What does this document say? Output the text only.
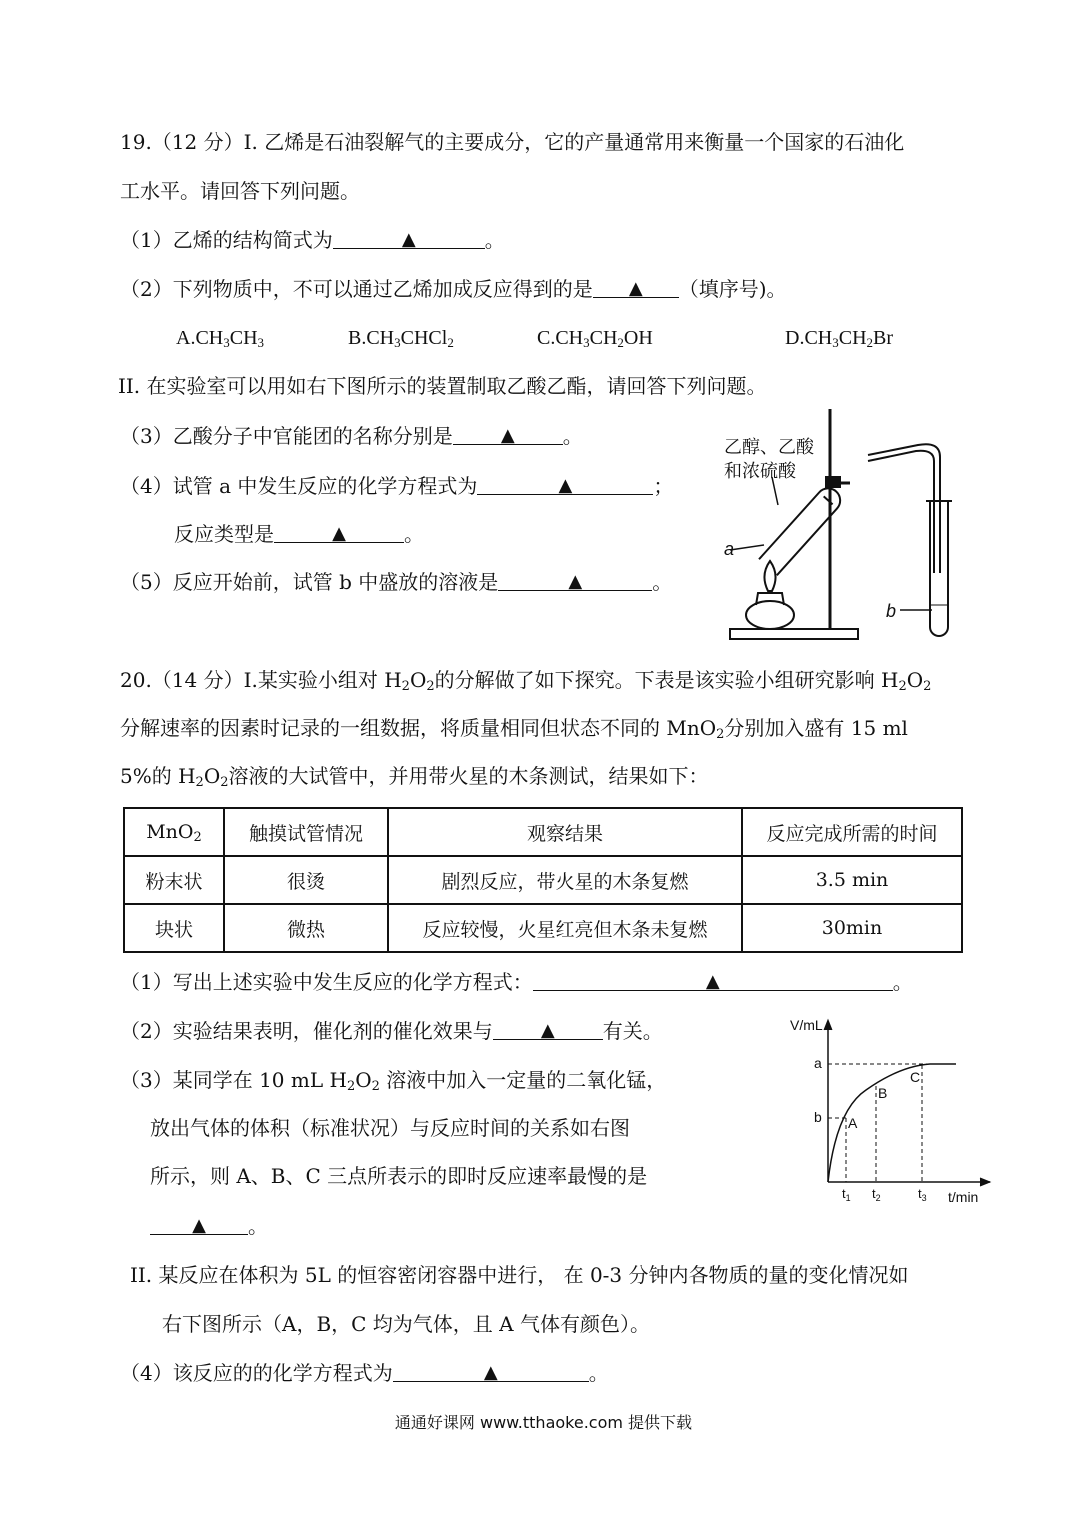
19.（12 分）I. 乙烯是石油裂解气的主要成分，它的产量通常用来衡量一个国家的石油化
工水平。请回答下列问题。
（1）乙烯的结构简式为	▲	。
（2）下列物质中，不可以通过乙烯加成反应得到的是 ▲ （填序号)。
$A.CH_3CH_3$	$B.CH_3CHCl_2$	$C.CH_3CH_2OH$	$D.CH_3CH_2Br$
II. 在实验室可以用如右下图所示的装置制取乙酸乙酯，请回答下列问题。
（3）乙酸分子中官能团的名称分别是	▲ 。
（4）试管 a 中发生反应的化学方程式为	▲	；
反应类型是	▲	。
（5）反应开始前，试管 b 中盛放的溶液是	▲	。
乙醇、乙酸
和浓硫酸
a
b
20.（14 分）I.某实验小组对 $H_2O_2$的分解做了如下探究。下表是该实验小组研究影响 $H_2O_2$
分解速率的因素时记录的一组数据，将质量相同但状态不同的 MnO$_2$分别加入盛有 15 ml
5%的 $H_2O_2$溶液的大试管中，并用带火星的木条测试，结果如下：
MnO$_2$	触摸试管情况	观察结果	反应完成所需的时间
粉末状	很烫	剧烈反应，带火星的木条复燃	3.5 min
块状	微热	反应较慢，火星红亮但木条未复燃	30min
（1）写出上述实验中发生反应的化学方程式：	▲	。
（2）实验结果表明，催化剂的催化效果与	▲ 有关。
（3）某同学在 10 mL $H_2O_2$ 溶液中加入一定量的二氧化锰，
放出气体的体积（标准状况）与反应时间的关系如右图
所示，则 A、B、C 三点所表示的即时反应速率最慢的是
▲ 。
V/mL
t/min
a
b A
B
C
$t_1$ $t_2$	$t_3$
II. 某反应在体积为 5L 的恒容密闭容器中进行， 在 0-3 分钟内各物质的量的变化情况如
右下图所示（A，B，C 均为气体，且 A 气体有颜色）。
（4）该反应的的化学方程式为	▲	。
通通好课网 www.tthaoke.com 提供下载
